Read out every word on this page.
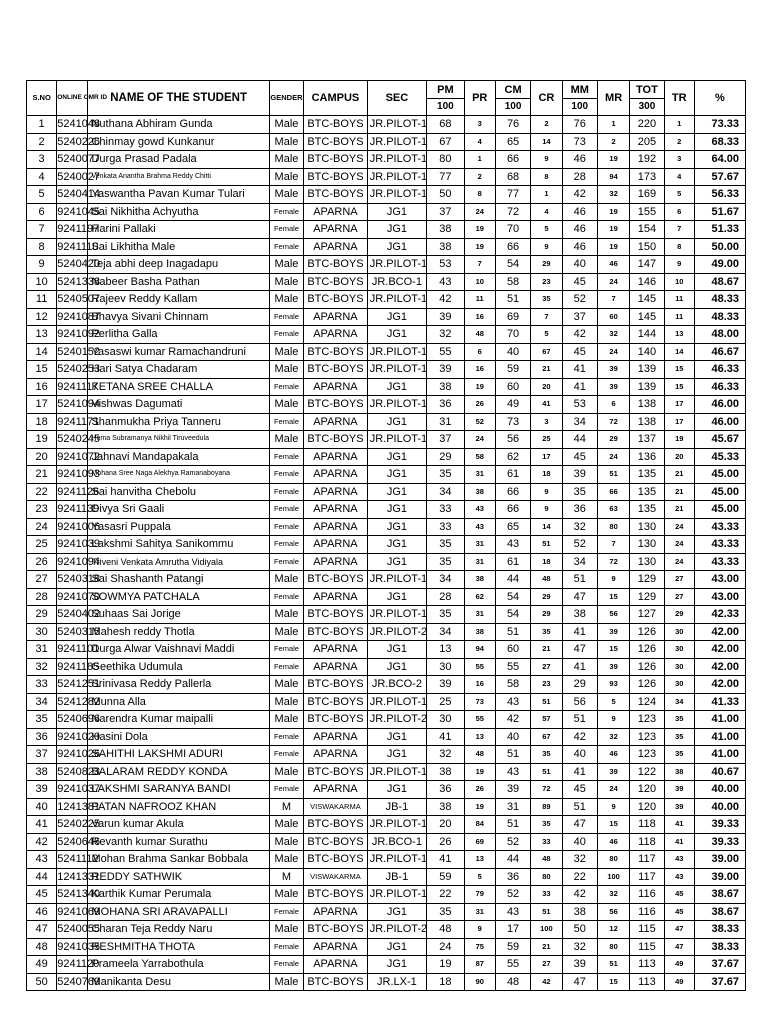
S.NO	ONLINE OMR ID	NAME OF THE STUDENT	GENDER	CAMPUS	SEC	PM	PR	CM	CR	MM	MR	TOT	TR	%
						100		100		100		300		
1	5241048	Nuthana Abhiram Gunda	Male	BTC-BOYS	JR.PILOT-1	68	3	76	2	76	1	220	1	73.33
2	5240226	Chinmay gowd Kunkanur	Male	BTC-BOYS	JR.PILOT-1	67	4	65	14	73	2	205	2	68.33
3	5240077	Durga Prasad Padala	Male	BTC-BOYS	JR.PILOT-1	80	1	66	9	46	19	192	3	64.00
4	5240027	Venkata Anantha Brahma Reddy Chitti	Male	BTC-BOYS	JR.PILOT-1	77	2	68	8	28	94	173	4	57.67
5	5240414	Yaswantha Pavan Kumar Tulari	Male	BTC-BOYS	JR.PILOT-1	50	8	77	1	42	32	169	5	56.33
6	9241045	Sai Nikhitha Achyutha	Female	APARNA	JG1	37	24	72	4	46	19	155	6	51.67
7	9241197	Harini Pallaki	Female	APARNA	JG1	38	19	70	5	46	19	154	7	51.33
8	9241110	Sai Likhitha Male	Female	APARNA	JG1	38	19	66	9	46	19	150	8	50.00
9	5240420	Teja abhi deep Inagadapu	Male	BTC-BOYS	JR.PILOT-1	53	7	54	29	40	46	147	9	49.00
10	5241338	Nabeer Basha Pathan	Male	BTC-BOYS	JR.BCO-1	43	10	58	23	45	24	146	10	48.67
11	5240507	Rajeev Reddy Kallam	Male	BTC-BOYS	JR.PILOT-1	42	11	51	35	52	7	145	11	48.33
12	9241087	Bhavya Sivani Chinnam	Female	APARNA	JG1	39	16	69	7	37	60	145	11	48.33
13	9241092	Perlitha Galla	Female	APARNA	JG1	32	48	70	5	42	32	144	13	48.00
14	5240152	Yasaswi kumar Ramachandruni	Male	BTC-BOYS	JR.PILOT-1	55	6	40	67	45	24	140	14	46.67
15	5240253	Hari Satya Chadaram	Male	BTC-BOYS	JR.PILOT-1	39	16	59	21	41	39	139	15	46.33
16	9241117	KETANA SREE CHALLA	Female	APARNA	JG1	38	19	60	20	41	39	139	15	46.33
17	5241094	Vishwas Dagumati	Male	BTC-BOYS	JR.PILOT-1	36	26	49	41	53	6	138	17	46.00
18	9241171	Shanmukha Priya Tanneru	Female	APARNA	JG1	31	52	73	3	34	72	138	17	46.00
19	5240245	Hema Subramanya Nikhil Tiruveedula	Male	BTC-BOYS	JR.PILOT-1	37	24	56	25	44	29	137	19	45.67
20	9241072	Jahnavi Mandapakala	Female	APARNA	JG1	29	58	62	17	45	24	136	20	45.33
21	9241093	Mohana Sree Naga Alekhya Ramanaboyana	Female	APARNA	JG1	35	31	61	18	39	51	135	21	45.00
22	9241126	Sai hanvitha Chebolu	Female	APARNA	JG1	34	38	66	9	35	66	135	21	45.00
23	9241139	Divya Sri Gaali	Female	APARNA	JG1	33	43	66	9	36	63	135	21	45.00
24	9241006	Yasasri Puppala	Female	APARNA	JG1	33	43	65	14	32	80	130	24	43.33
25	9241039	Lakshmi Sahitya Sanikommu	Female	APARNA	JG1	35	31	43	51	52	7	130	24	43.33
26	9241094	Triveni Venkata Amrutha Vidiyala	Female	APARNA	JG1	35	31	61	18	34	72	130	24	43.33
27	5240318	Sai Shashanth Patangi	Male	BTC-BOYS	JR.PILOT-1	34	38	44	48	51	9	129	27	43.00
28	9241070	SOWMYA PATCHALA	Female	APARNA	JG1	28	62	54	29	47	15	129	27	43.00
29	5240402	Suhaas Sai Jorige	Male	BTC-BOYS	JR.PILOT-1	35	31	54	29	38	56	127	29	42.33
30	5240315	Mahesh reddy Thotla	Male	BTC-BOYS	JR.PILOT-2	34	38	51	35	41	39	126	30	42.00
31	9241101	Durga Alwar Vaishnavi Maddi	Female	APARNA	JG1	13	94	60	21	47	15	126	30	42.00
32	9241185	Geethika Udumula	Female	APARNA	JG1	30	55	55	27	41	39	126	30	42.00
33	5241251	Srinivasa Reddy Pallerla	Male	BTC-BOYS	JR.BCO-2	39	16	58	23	29	93	126	30	42.00
34	5241282	Munna Alla	Male	BTC-BOYS	JR.PILOT-1	25	73	43	51	56	5	124	34	41.33
35	5240696	Narendra Kumar maipalli	Male	BTC-BOYS	JR.PILOT-2	30	55	42	57	51	9	123	35	41.00
36	9241020	Hasini Dola	Female	APARNA	JG1	41	13	40	67	42	32	123	35	41.00
37	9241026	SAHITHI LAKSHMI ADURI	Female	APARNA	JG1	32	48	51	35	40	46	123	35	41.00
38	5240823	BALARAM REDDY KONDA	Male	BTC-BOYS	JR.PILOT-1	38	19	43	51	41	39	122	38	40.67
39	9241037	LAKSHMI SARANYA BANDI	Female	APARNA	JG1	36	26	39	72	45	24	120	39	40.00
40	1241381	PATAN NAFROOZ KHAN	M	VISWAKARMA	JB-1	38	19	31	89	51	9	120	39	40.00
41	5240225	Varun kumar Akula	Male	BTC-BOYS	JR.PILOT-1	20	84	51	35	47	15	118	41	39.33
42	5240646	Revanth kumar Surathu	Male	BTC-BOYS	JR.BCO-1	26	69	52	33	40	46	118	41	39.33
43	5241112	Mohan Brahma Sankar Bobbala	Male	BTC-BOYS	JR.PILOT-1	41	13	44	48	32	80	117	43	39.00
44	1241331	REDDY SATHWIK	M	VISWAKARMA	JB-1	59	5	36	80	22	100	117	43	39.00
45	5241340	Karthik Kumar Perumala	Male	BTC-BOYS	JR.PILOT-1	22	79	52	33	42	32	116	45	38.67
46	9241069	MOHANA SRI ARAVAPALLI	Female	APARNA	JG1	35	31	43	51	38	56	116	45	38.67
47	5240055	Charan Teja Reddy Naru	Male	BTC-BOYS	JR.PILOT-2	48	9	17	100	50	12	115	47	38.33
48	9241035	RESHMITHA THOTA	Female	APARNA	JG1	24	75	59	21	32	80	115	47	38.33
49	9241120	Prameela Yarrabothula	Female	APARNA	JG1	19	87	55	27	39	51	113	49	37.67
50	5240769	Manikanta Desu	Male	BTC-BOYS	JR.LX-1	18	90	48	42	47	15	113	49	37.67
